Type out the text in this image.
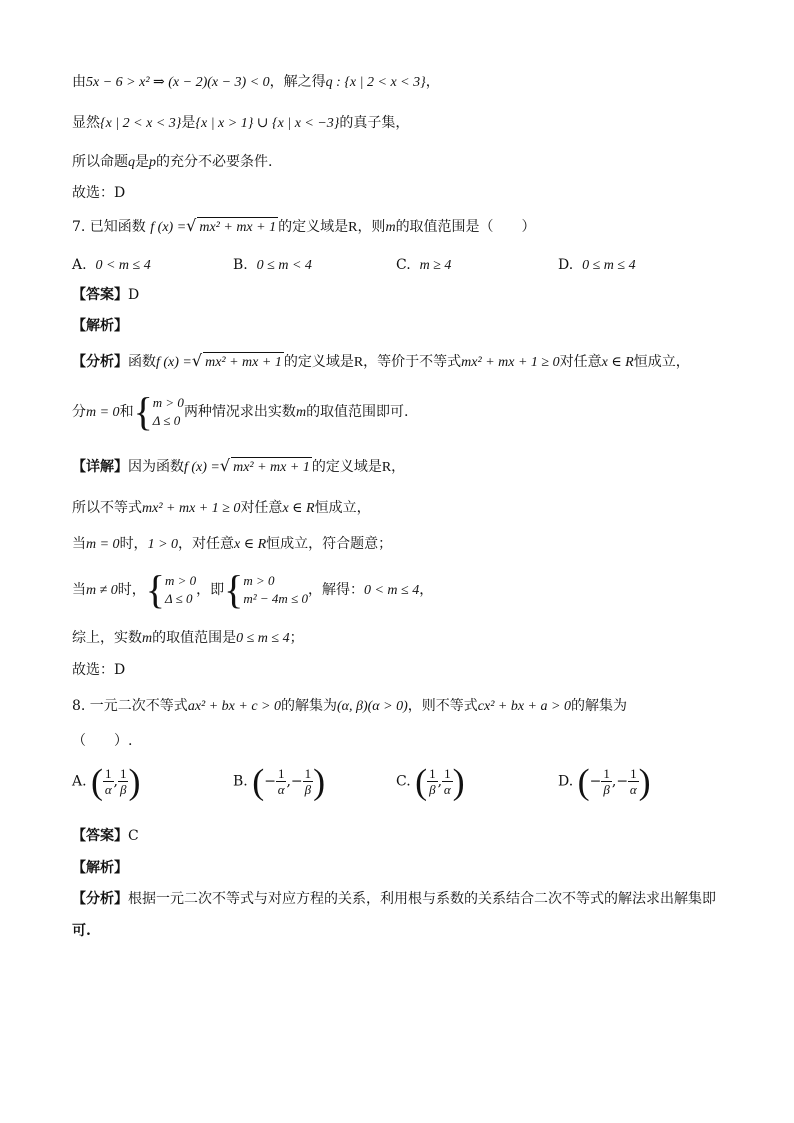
由5x − 6 > x² ⇒ (x − 2)(x − 3) < 0，解之得q : {x | 2 < x < 3}，
显然{x | 2 < x < 3}是{x | x > 1} ∪ {x | x < −3}的真子集，
所以命题q是p的充分不必要条件.
故选：D
7. 已知函数 f (x) =√ mx² + mx + 1 的定义域是R，则m的取值范围是（　　）
A. 0 < m ≤ 4	B. 0 ≤ m < 4	C. m ≥ 4	D. 0 ≤ m ≤ 4
【答案】D
【解析】
【分析】函数f (x) =√ mx² + mx + 1 的定义域是R，等价于不等式mx² + mx + 1 ≥ 0对任意x ∈ R恒成立，
分m = 0和 { m > 0
Δ ≤ 0
两种情况求出实数m的取值范围即可.
【详解】因为函数f (x) =√ mx² + mx + 1 的定义域是R，
所以不等式mx² + mx + 1 ≥ 0对任意x ∈ R恒成立，
当m = 0时，1 > 0，对任意x ∈ R恒成立，符合题意；
当m ≠ 0时， { m > 0
Δ ≤ 0
，即 { m > 0
m² − 4m ≤ 0
，解得：0 < m ≤ 4，
综上，实数m的取值范围是0 ≤ m ≤ 4；
故选：D
8. 一元二次不等式ax² + bx + c > 0的解集为(α, β)(α > 0)，则不等式cx² + bx + a > 0的解集为
（　　）.
A. ( $\frac{1}{\alpha}$ , $\frac{1}{\beta}$ )	B. (− $\frac{1}{\alpha}$ ,− $\frac{1}{\beta}$ )	C. ( $\frac{1}{\beta}$ , $\frac{1}{\alpha}$ )	D. (− $\frac{1}{\beta}$ ,− $\frac{1}{\alpha}$ )
【答案】C
【解析】
【分析】根据一元二次不等式与对应方程的关系，利用根与系数的关系结合二次不等式的解法求出解集即
可.
